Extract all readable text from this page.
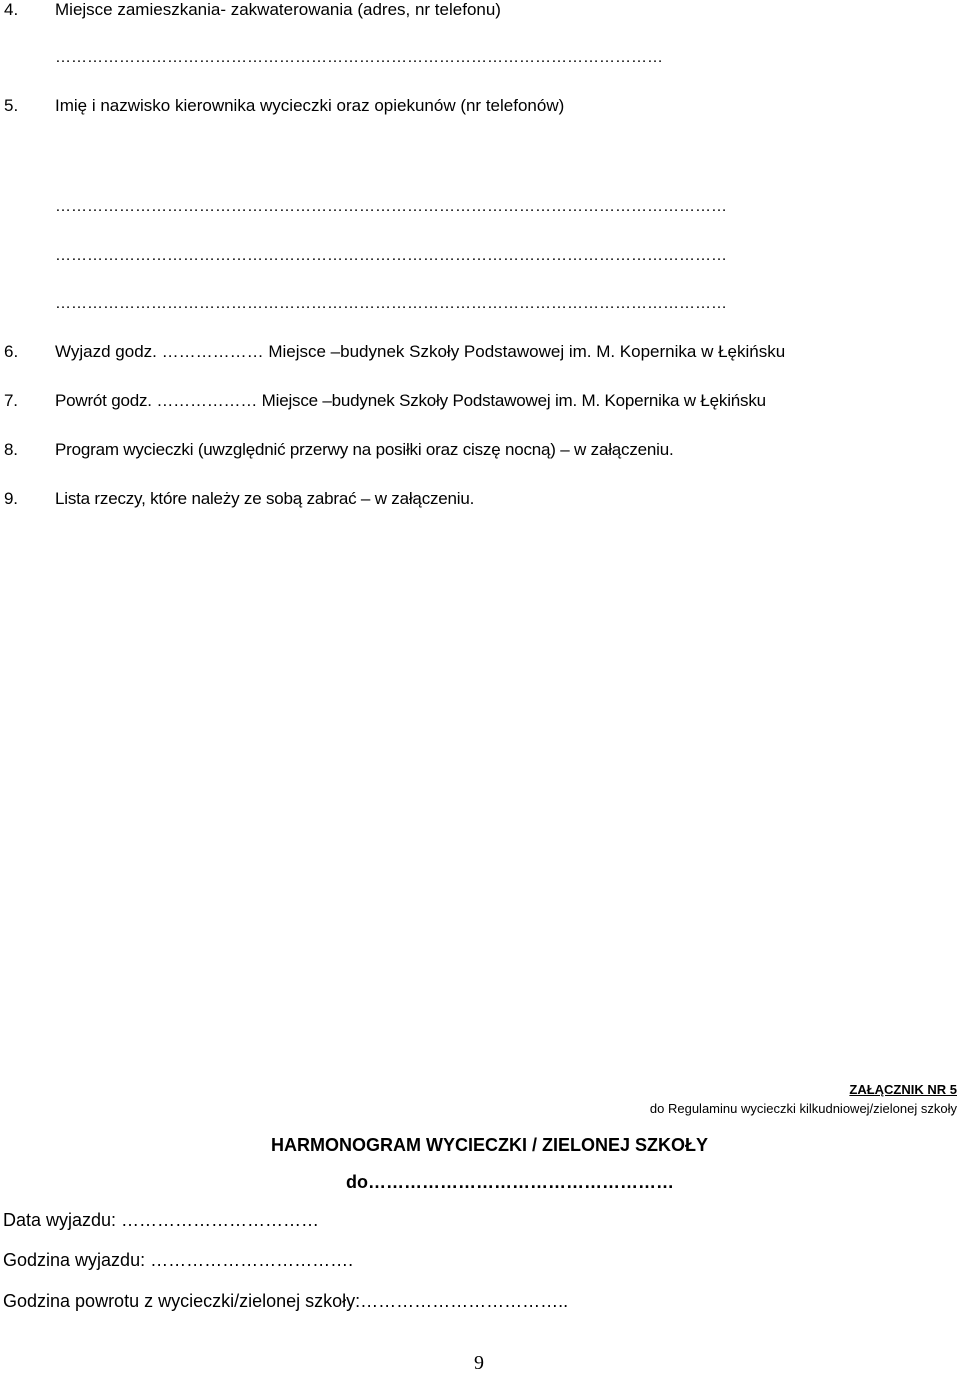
4. Miejsce zamieszkania- zakwaterowania (adres, nr telefonu)
……………………………………………………………………………………………………
5. Imię i nazwisko kierownika wycieczki oraz opiekunów (nr telefonów)
………………………………………………………………………………………………………………
………………………………………………………………………………………………………………
………………………………………………………………………………………………………………
6. Wyjazd godz. ……………… Miejsce –budynek Szkoły Podstawowej im. M. Kopernika w Łękińsku
7. Powrót godz. ……………… Miejsce –budynek Szkoły Podstawowej im. M. Kopernika w Łękińsku
8. Program wycieczki (uwzględnić przerwy na posiłki oraz ciszę nocną) – w załączeniu.
9. Lista rzeczy, które należy ze sobą zabrać – w załączeniu.
ZAŁĄCZNIK NR 5
do Regulaminu wycieczki kilkudniowej/zielonej szkoły
HARMONOGRAM WYCIECZKI / ZIELONEJ SZKOŁY
do……………………………………………
Data wyjazdu: ……………………………
Godzina wyjazdu: …………………………….
Godzina powrotu z wycieczki/zielonej szkoły:……………………………..
9
